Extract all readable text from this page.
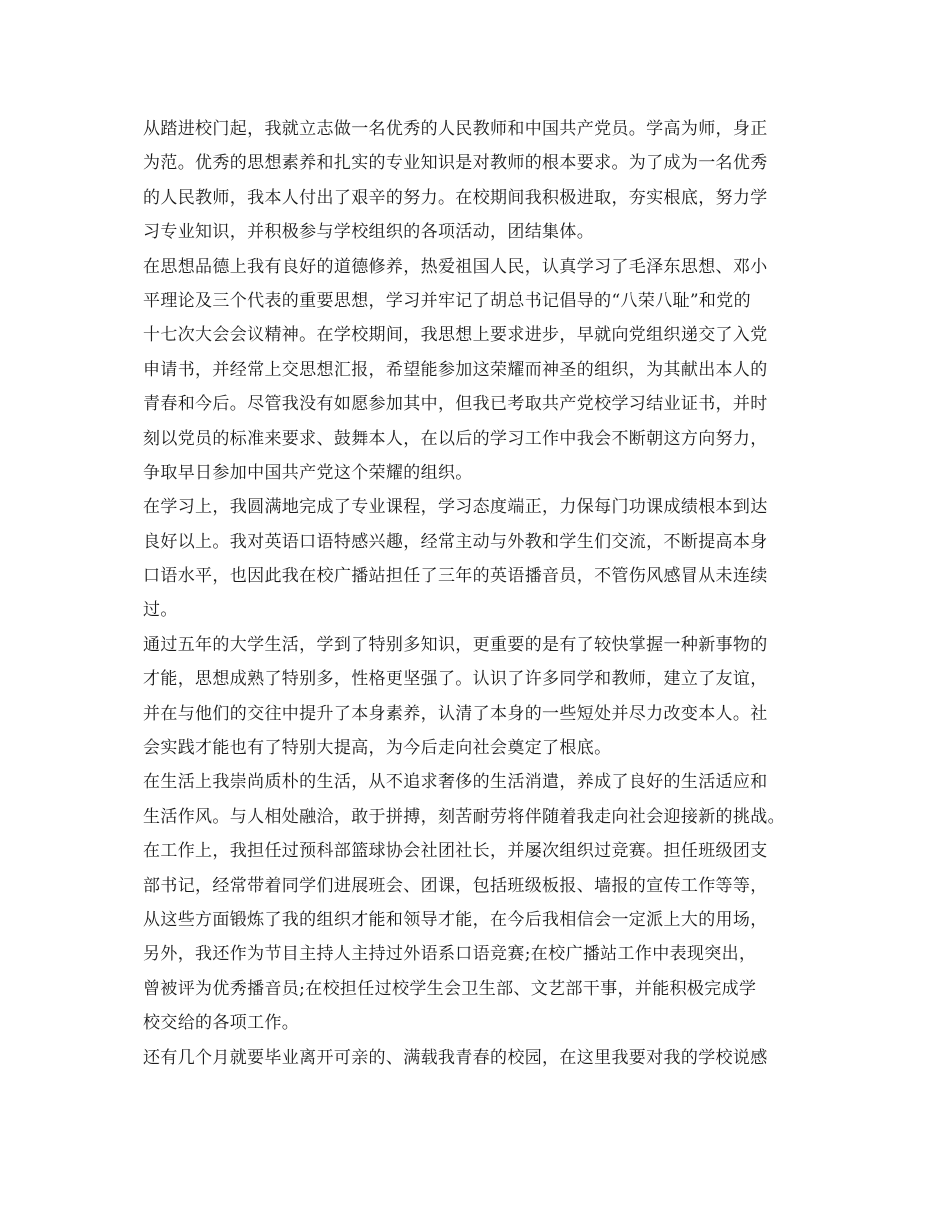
从踏进校门起，我就立志做一名优秀的人民教师和中国共产党员。学高为师，身正
为范。优秀的思想素养和扎实的专业知识是对教师的根本要求。为了成为一名优秀
的人民教师，我本人付出了艰辛的努力。在校期间我积极进取，夯实根底，努力学
习专业知识，并积极参与学校组织的各项活动，团结集体。
在思想品德上我有良好的道德修养，热爱祖国人民，认真学习了毛泽东思想、邓小
平理论及三个代表的重要思想，学习并牢记了胡总书记倡导的“八荣八耻”和党的
十七次大会会议精神。在学校期间，我思想上要求进步，早就向党组织递交了入党
申请书，并经常上交思想汇报，希望能参加这荣耀而神圣的组织，为其献出本人的
青春和今后。尽管我没有如愿参加其中，但我已考取共产党校学习结业证书，并时
刻以党员的标准来要求、鼓舞本人，在以后的学习工作中我会不断朝这方向努力，
争取早日参加中国共产党这个荣耀的组织。
在学习上，我圆满地完成了专业课程，学习态度端正，力保每门功课成绩根本到达
良好以上。我对英语口语特感兴趣，经常主动与外教和学生们交流，不断提高本身
口语水平，也因此我在校广播站担任了三年的英语播音员，不管伤风感冒从未连续
过。
通过五年的大学生活，学到了特别多知识，更重要的是有了较快掌握一种新事物的
才能，思想成熟了特别多，性格更坚强了。认识了许多同学和教师，建立了友谊，
并在与他们的交往中提升了本身素养，认清了本身的一些短处并尽力改变本人。社
会实践才能也有了特别大提高，为今后走向社会奠定了根底。
在生活上我崇尚质朴的生活，从不追求奢侈的生活消遣，养成了良好的生活适应和
生活作风。与人相处融洽，敢于拼搏，刻苦耐劳将伴随着我走向社会迎接新的挑战。
在工作上，我担任过预科部篮球协会社团社长，并屡次组织过竞赛。担任班级团支
部书记，经常带着同学们进展班会、团课，包括班级板报、墙报的宣传工作等等，
从这些方面锻炼了我的组织才能和领导才能，在今后我相信会一定派上大的用场，
另外，我还作为节目主持人主持过外语系口语竞赛;在校广播站工作中表现突出，
曾被评为优秀播音员;在校担任过校学生会卫生部、文艺部干事，并能积极完成学
校交给的各项工作。
还有几个月就要毕业离开可亲的、满载我青春的校园，在这里我要对我的学校说感
